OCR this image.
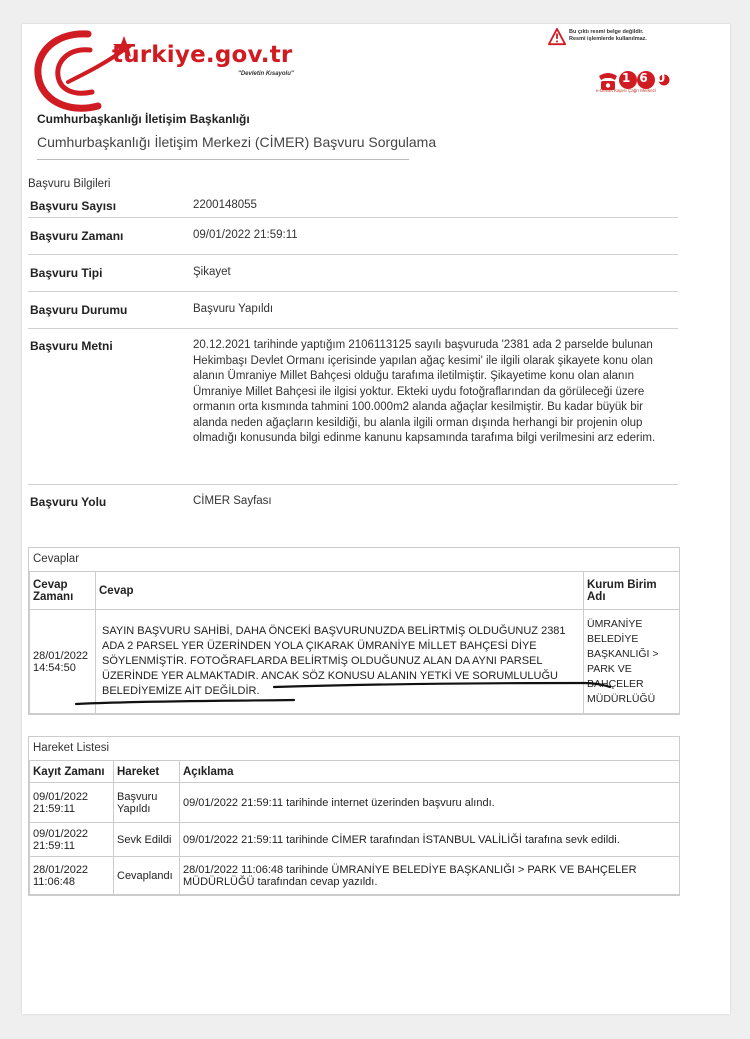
türkiye.gov.tr
"Devletin Kısayolu"
Bu çıktı resmi belge değildir.
Resmi işlemlerde kullanılmaz.
160
e-Devlet Kapısı Çağrı Merkezi
Cumhurbaşkanlığı İletişim Başkanlığı
Cumhurbaşkanlığı İletişim Merkezi (CİMER) Başvuru Sorgulama
Başvuru Bilgileri
Başvuru Sayısı	2200148055
Başvuru Zamanı	09/01/2022 21:59:11
Başvuru Tipi	Şikayet
Başvuru Durumu	Başvuru Yapıldı
Başvuru Metni	20.12.2021 tarihinde yaptığım 2106113125 sayılı başvuruda '2381 ada 2 parselde bulunan Hekimbaşı Devlet Ormanı içerisinde yapılan ağaç kesimi' ile ilgili olarak şikayete konu olan alanın Ümraniye Millet Bahçesi olduğu tarafıma iletilmiştir. Şikayetime konu olan alanın Ümraniye Millet Bahçesi ile ilgisi yoktur. Ekteki uydu fotoğraflarından da görüleceği üzere ormanın orta kısmında tahmini 100.000m2 alanda ağaçlar kesilmiştir. Bu kadar büyük bir alanda neden ağaçların kesildiği, bu alanla ilgili orman dışında herhangi bir projenin olup olmadığı konusunda bilgi edinme kanunu kapsamında tarafıma bilgi verilmesini arz ederim.
Başvuru Yolu	CİMER Sayfası
Cevaplar
Cevap Zamanı	Cevap	Kurum Birim Adı
28/01/2022 14:54:50	SAYIN BAŞVURU SAHİBİ, DAHA ÖNCEKİ BAŞVURUNUZDA BELİRTMİŞ OLDUĞUNUZ 2381 ADA 2 PARSEL YER ÜZERİNDEN YOLA ÇIKARAK ÜMRANİYE MİLLET BAHÇESİ DİYE SÖYLENMİŞTİR. FOTOĞRAFLARDA BELİRTMİŞ OLDUĞUNUZ ALAN DA AYNI PARSEL ÜZERİNDE YER ALMAKTADIR. ANCAK SÖZ KONUSU ALANIN YETKİ VE SORUMLULUĞU BELEDİYEMİZE AİT DEĞİLDİR.	ÜMRANİYE BELEDİYE BAŞKANLIĞI > PARK VE BAHÇELER MÜDÜRLÜĞÜ
Hareket Listesi
Kayıt Zamanı	Hareket	Açıklama
09/01/2022 21:59:11	Başvuru Yapıldı	09/01/2022 21:59:11 tarihinde internet üzerinden başvuru alındı.
09/01/2022 21:59:11	Sevk Edildi	09/01/2022 21:59:11 tarihinde CİMER tarafından İSTANBUL VALİLİĞİ tarafına sevk edildi.
28/01/2022 11:06:48	Cevaplandı	28/01/2022 11:06:48 tarihinde ÜMRANİYE BELEDİYE BAŞKANLIĞI > PARK VE BAHÇELER MÜDÜRLÜĞÜ tarafından cevap yazıldı.
